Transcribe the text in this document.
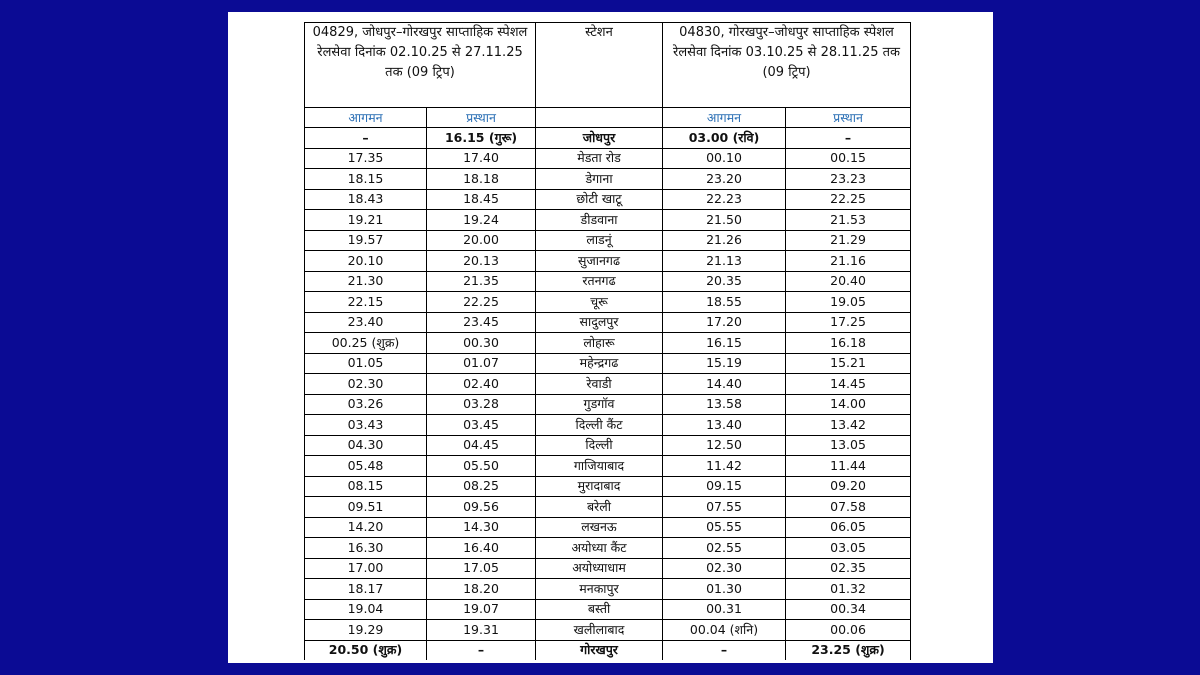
04829, जोधपुर–गोरखपुर साप्ताहिक स्पेशल रेलसेवा दिनांक 02.10.25 से 27.11.25 तक (09 ट्रिप)		स्टेशन	04830, गोरखपुर–जोधपुर साप्ताहिक स्पेशल रेलसेवा दिनांक 03.10.25 से 28.11.25 तक (09 ट्रिप)	
आगमन	प्रस्थान		आगमन	प्रस्थान
–	16.15 (गुरू)	जोधपुर	03.00 (रवि)	–
17.35	17.40	मेडता रोड	00.10	00.15
18.15	18.18	डेगाना	23.20	23.23
18.43	18.45	छोटी खाटू	22.23	22.25
19.21	19.24	डीडवाना	21.50	21.53
19.57	20.00	लाडनूं	21.26	21.29
20.10	20.13	सुजानगढ	21.13	21.16
21.30	21.35	रतनगढ	20.35	20.40
22.15	22.25	चूरू	18.55	19.05
23.40	23.45	सादुलपुर	17.20	17.25
00.25 (शुक्र)	00.30	लोहारू	16.15	16.18
01.05	01.07	महेन्द्रगढ	15.19	15.21
02.30	02.40	रेवाडी	14.40	14.45
03.26	03.28	गुडगॉव	13.58	14.00
03.43	03.45	दिल्ली कैंट	13.40	13.42
04.30	04.45	दिल्ली	12.50	13.05
05.48	05.50	गाजियाबाद	11.42	11.44
08.15	08.25	मुरादाबाद	09.15	09.20
09.51	09.56	बरेली	07.55	07.58
14.20	14.30	लखनऊ	05.55	06.05
16.30	16.40	अयोध्या कैंट	02.55	03.05
17.00	17.05	अयोध्याधाम	02.30	02.35
18.17	18.20	मनकापुर	01.30	01.32
19.04	19.07	बस्ती	00.31	00.34
19.29	19.31	खलीलाबाद	00.04 (शनि)	00.06
20.50 (शुक्र)	–	गोरखपुर	–	23.25 (शुक्र)
